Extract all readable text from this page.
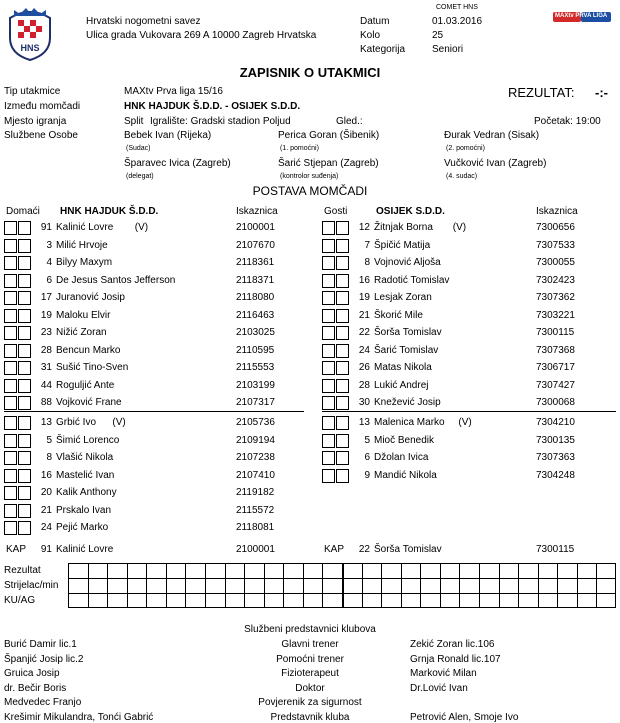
HNS
Hrvatski nogometni savez
Ulica grada Vukovara 269 A 10000 Zagreb Hrvatska
COMET HNS
Datum	01.03.2016
Kolo	25
Kategorija	Seniori
MAXtv PRVA LIGA
ZAPISNIK O UTAKMICI
Tip utakmice	MAXtv Prva liga 15/16	REZULTAT: -:-
Između momčadi	HNK HAJDUK Š.D.D. - OSIJEK S.D.D.
Mjesto igranja	Split Igralište: Gradski stadion Poljud	Gled.:	Početak: 19:00
Službene Osobe	Bebek Ivan (Rijeka)
(Sudac)
Perica Goran (Šibenik)
(1. pomoćni)
Đurak Vedran (Sisak)
(2. pomoćni)
Šparavec Ivica (Zagreb)
(delegat)
Šarić Stjepan (Zagreb)
(kontrolor suđenja)
Vučković Ivan (Zagreb)
(4. sudac)
POSTAVA MOMČADI
Domaći HNK HAJDUK Š.D.D.	Iskaznica	Gosti	OSIJEK S.D.D.	Iskaznica
91 Kalinić Lovre (V)	2100001
3 Milić Hrvoje	2107670
4 Bilyy Maxym	2118361
6 De Jesus Santos Jefferson	2118371
17 Juranović Josip	2118080
19 Maloku Elvir	2116463
23 Nižić Zoran	2103025
28 Bencun Marko	2110595
31 Sušić Tino-Sven	2115553
44 Roguljić Ante	2103199
88 Vojković Frane	2107317
13 Grbić Ivo (V)	2105736
5 Šimić Lorenco	2109194
8 Vlašić Nikola	2107238
16 Mastelić Ivan	2107410
20 Kalik Anthony	2119182
21 Prskalo Ivan	2115572
24 Pejić Marko	2118081
12 Žitnjak Borna (V)	7300656
7 Špičić Matija	7307533
8 Vojnović Aljoša	7300055
16 Radotić Tomislav	7302423
19 Lesjak Zoran	7307362
21 Škorić Mile	7303221
22 Šorša Tomislav	7300115
24 Šarić Tomislav	7307368
26 Matas Nikola	7306717
28 Lukić Andrej	7307427
30 Knežević Josip	7300068
13 Malenica Marko (V)	7304210
5 Mioč Benedik	7300135
6 Džolan Ivica	7307363
9 Mandić Nikola	7304248
KAP	91 Kalinić Lovre	2100001	KAP	22 Šorša Tomislav	7300115
Rezultat
Strijelac/min
KU/AG
Službeni predstavnici klubova
Burić Damir lic.1	Glavni trener	Zekić Zoran lic.106
Španjić Josip lic.2	Pomoćni trener	Grnja Ronald lic.107
Gruica Josip	Fizioterapeut	Marković Milan
dr. Bečir Boris	Doktor	Dr.Lović Ivan
Medvedec Franjo	Povjerenik za sigurnost
Krešimir Mikulandra, Tonći Gabrić	Predstavnik kluba	Petrović Alen, Smoje Ivo
